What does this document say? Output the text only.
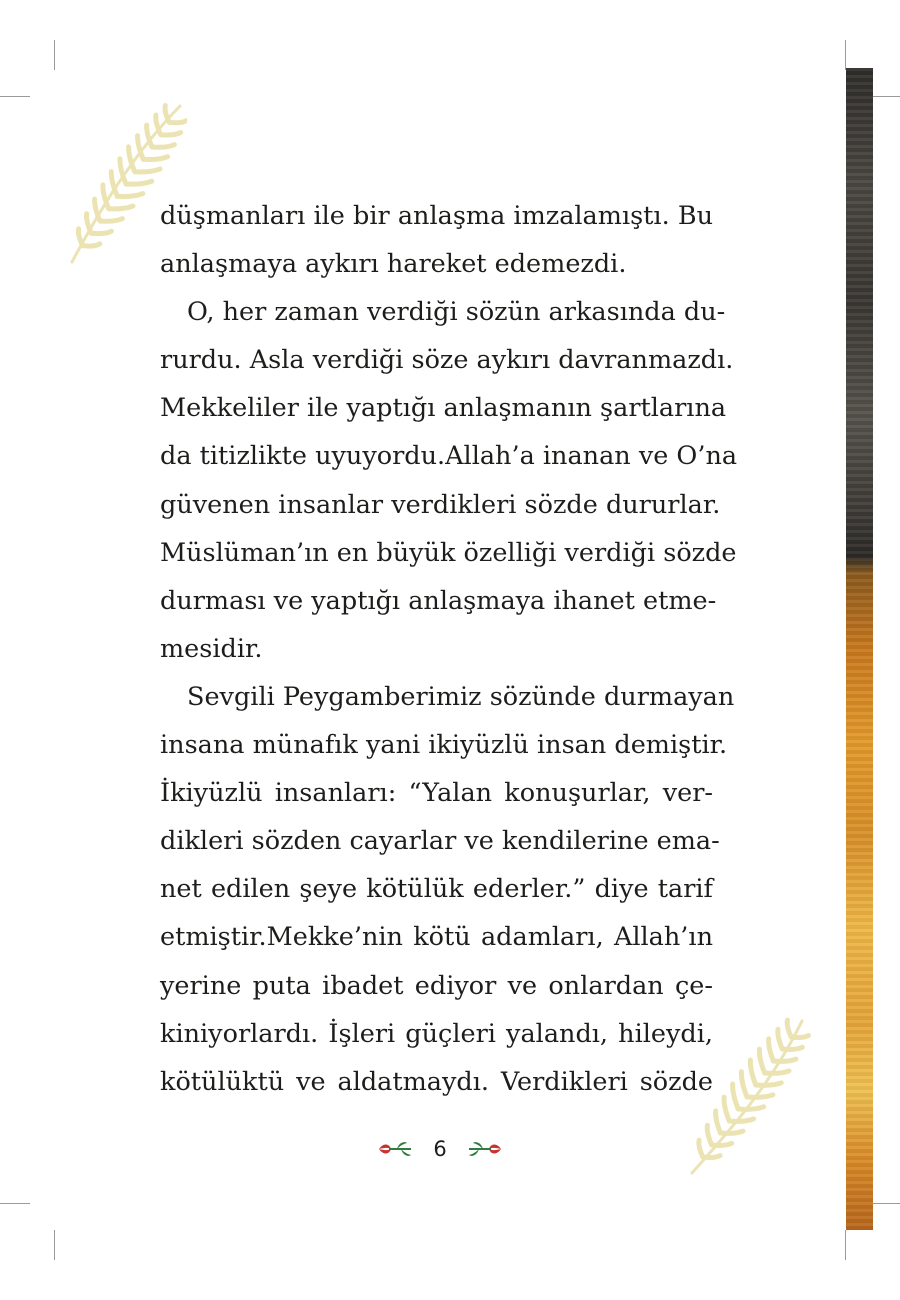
düşmanları ile bir anlaşma imzalamıştı. Bu
anlaşmaya aykırı hareket edemezdi.
O, her zaman verdiği sözün arkasında du-
rurdu. Asla verdiği söze aykırı davranmazdı.
Mekkeliler ile yaptığı anlaşmanın şartlarına
da titizlikte uyuyordu.Allah’a inanan ve O’na
güvenen insanlar verdikleri sözde dururlar.
Müslüman’ın en büyük özelliği verdiği sözde
durması ve yaptığı anlaşmaya ihanet etme-
mesidir.
Sevgili Peygamberimiz sözünde durmayan
insana münafık yani ikiyüzlü insan demiştir.
İkiyüzlü insanları: “Yalan konuşurlar, ver-
dikleri sözden cayarlar ve kendilerine ema-
net edilen şeye kötülük ederler.” diye tarif
etmiştir.Mekke’nin kötü adamları, Allah’ın
yerine puta ibadet ediyor ve onlardan çe-
kiniyorlardı. İşleri güçleri yalandı, hileydi,
kötülüktü ve aldatmaydı. Verdikleri sözde
6
